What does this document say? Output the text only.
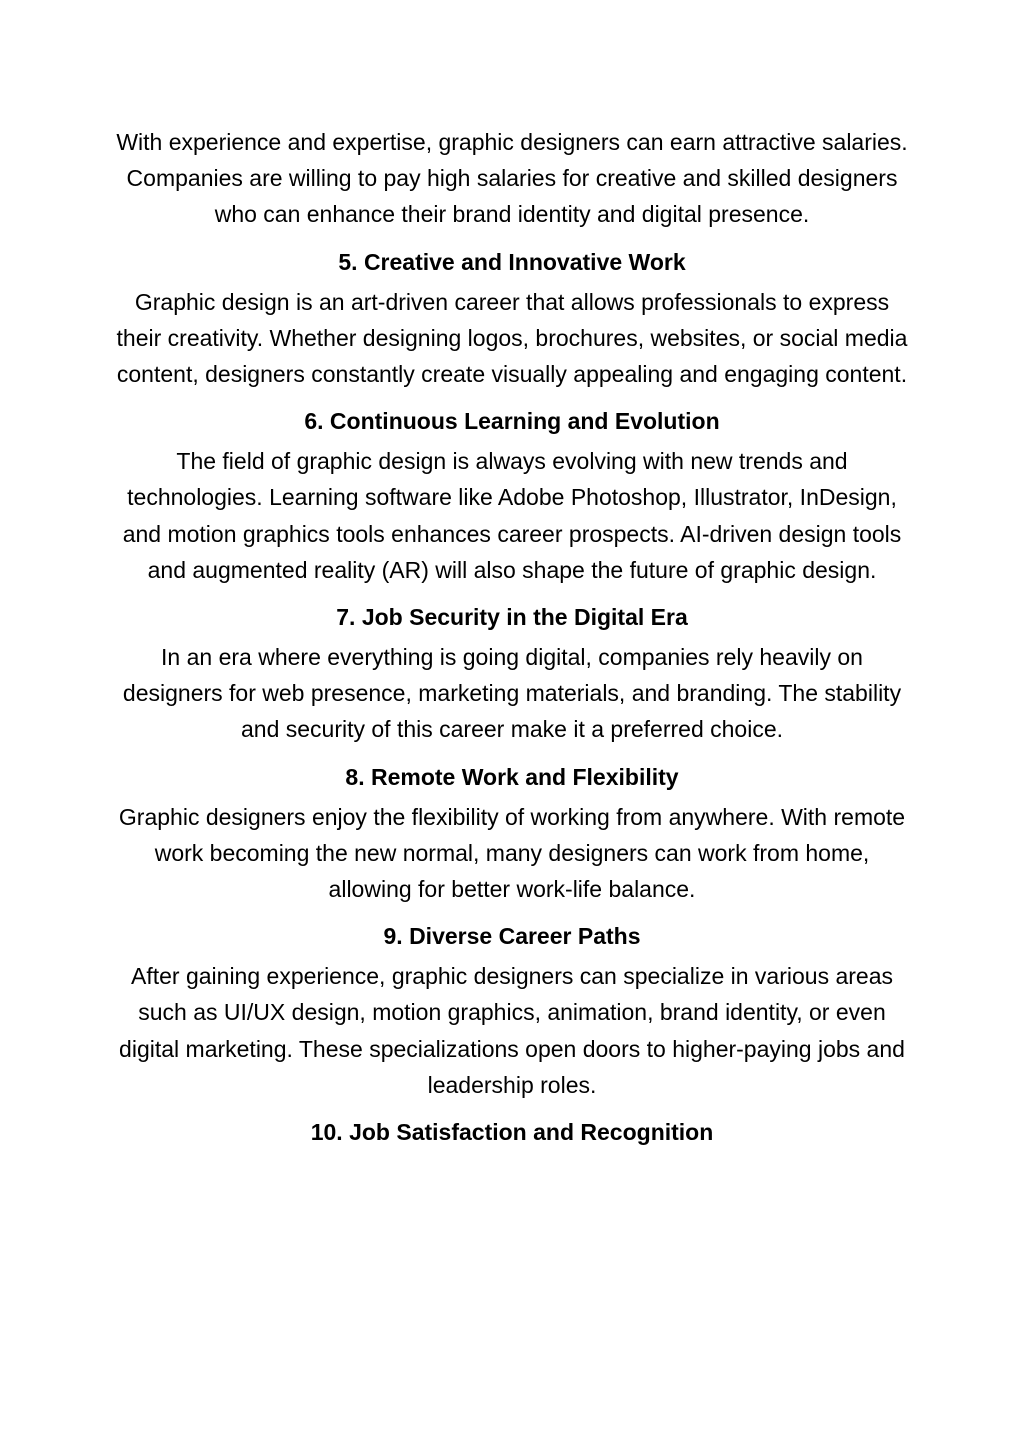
With experience and expertise, graphic designers can earn attractive salaries. Companies are willing to pay high salaries for creative and skilled designers who can enhance their brand identity and digital presence.

5. Creative and Innovative Work

Graphic design is an art-driven career that allows professionals to express their creativity. Whether designing logos, brochures, websites, or social media content, designers constantly create visually appealing and engaging content.

6. Continuous Learning and Evolution

The field of graphic design is always evolving with new trends and technologies. Learning software like Adobe Photoshop, Illustrator, InDesign, and motion graphics tools enhances career prospects. AI-driven design tools and augmented reality (AR) will also shape the future of graphic design.

7. Job Security in the Digital Era

In an era where everything is going digital, companies rely heavily on designers for web presence, marketing materials, and branding. The stability and security of this career make it a preferred choice.

8. Remote Work and Flexibility

Graphic designers enjoy the flexibility of working from anywhere. With remote work becoming the new normal, many designers can work from home, allowing for better work-life balance.

9. Diverse Career Paths

After gaining experience, graphic designers can specialize in various areas such as UI/UX design, motion graphics, animation, brand identity, or even digital marketing. These specializations open doors to higher-paying jobs and leadership roles.

10. Job Satisfaction and Recognition
